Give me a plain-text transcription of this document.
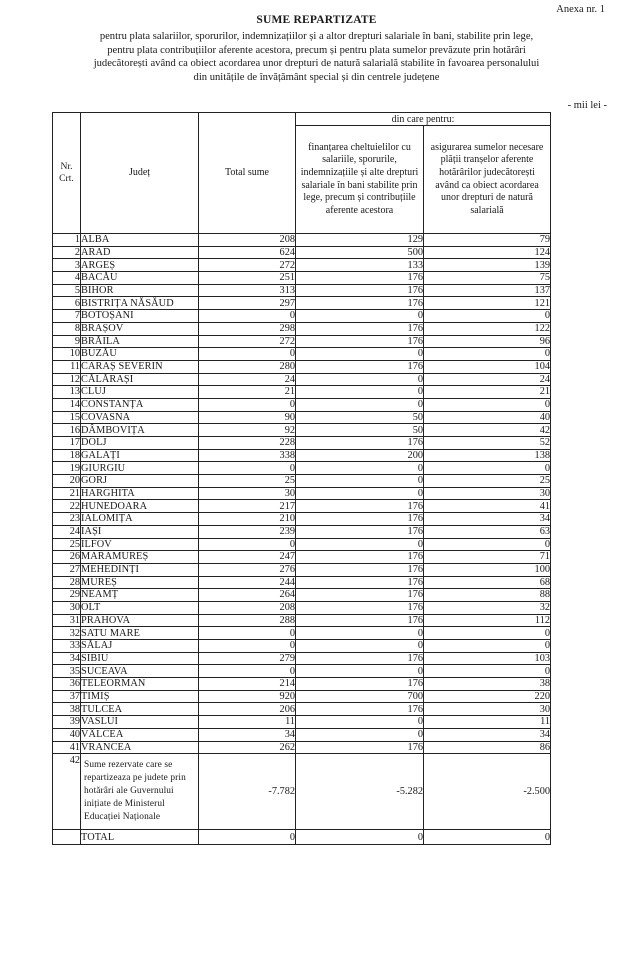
Anexa nr. 1
SUME REPARTIZATE
pentru plata salariilor, sporurilor, indemnizațiilor și a altor drepturi salariale în bani, stabilite prin lege,
pentru plata contribuțiilor aferente acestora, precum și pentru plata sumelor prevăzute prin hotărâri
judecătorești având ca obiect acordarea unor drepturi de natură salarială stabilite în favoarea personalului
din unitățile de învățământ special și din centrele județene
- mii lei -
Nr. Crt.	Județ	Total sume	din care pentru:	
			finanțarea cheltuielilor cu salariile, sporurile, indemnizațiile și alte drepturi salariale în bani stabilite prin lege, precum și contribuțiile aferente acestora	asigurarea sumelor necesare plății tranșelor aferente hotărârilor judecătorești având ca obiect acordarea unor drepturi de natură salarială
1	ALBA	208	129	79
2	ARAD	624	500	124
3	ARGEȘ	272	133	139
4	BACĂU	251	176	75
5	BIHOR	313	176	137
6	BISTRIȚA NĂSĂUD	297	176	121
7	BOTOȘANI	0	0	0
8	BRAȘOV	298	176	122
9	BRĂILA	272	176	96
10	BUZĂU	0	0	0
11	CARAȘ SEVERIN	280	176	104
12	CĂLĂRAȘI	24	0	24
13	CLUJ	21	0	21
14	CONSTANȚA	0	0	0
15	COVASNA	90	50	40
16	DÂMBOVIȚA	92	50	42
17	DOLJ	228	176	52
18	GALAȚI	338	200	138
19	GIURGIU	0	0	0
20	GORJ	25	0	25
21	HARGHITA	30	0	30
22	HUNEDOARA	217	176	41
23	IALOMIȚA	210	176	34
24	IAȘI	239	176	63
25	ILFOV	0	0	0
26	MARAMUREȘ	247	176	71
27	MEHEDINȚI	276	176	100
28	MUREȘ	244	176	68
29	NEAMȚ	264	176	88
30	OLT	208	176	32
31	PRAHOVA	288	176	112
32	SATU MARE	0	0	0
33	SĂLAJ	0	0	0
34	SIBIU	279	176	103
35	SUCEAVA	0	0	0
36	TELEORMAN	214	176	38
37	TIMIȘ	920	700	220
38	TULCEA	206	176	30
39	VASLUI	11	0	11
40	VÂLCEA	34	0	34
41	VRANCEA	262	176	86
42	Sume rezervate care se repartizeaza pe judete prin hotărâri ale Guvernului inițiate de Ministerul Educației Naționale	-7.782	-5.282	-2.500
	TOTAL	0	0	0
